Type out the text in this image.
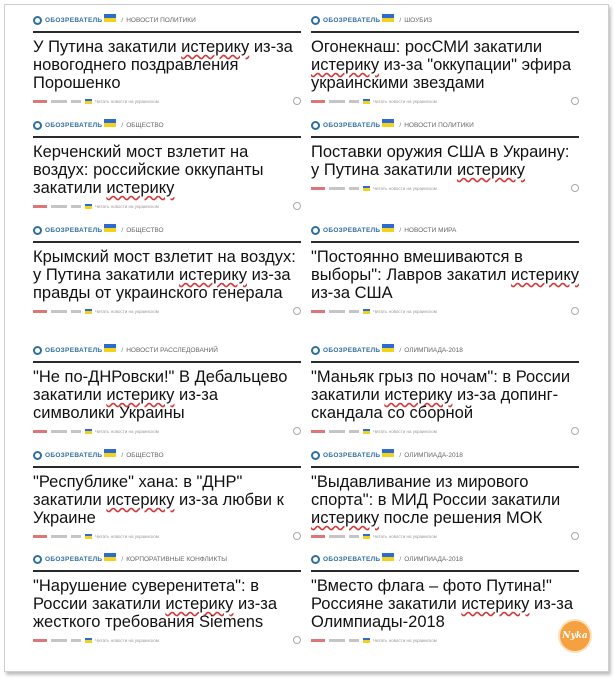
ОБОЗРЕВАТЕЛЬ	/ НОВОСТИ ПОЛИТИКИ
У Путина закатили истерику из-за новогоднего поздравления Порошенко
Читать новости на украинском
ОБОЗРЕВАТЕЛЬ	/ ШОУБИЗ
Огонекнаш: росСМИ закатили истерику из-за "оккупации" эфира украинскими звездами
Читать новости на украинском
ОБОЗРЕВАТЕЛЬ	/ ОБЩЕСТВО
Керченский мост взлетит на воздух: российские оккупанты закатили истерику
Читать новости на украинском
ОБОЗРЕВАТЕЛЬ	/ НОВОСТИ ПОЛИТИКИ
Поставки оружия США в Украину: у Путина закатили истерику
Читать новости на украинском
ОБОЗРЕВАТЕЛЬ	/ ОБЩЕСТВО
Крымский мост взлетит на воздух: у Путина закатили истерику из-за правды от украинского генерала
Читать новости на украинском
ОБОЗРЕВАТЕЛЬ	/ НОВОСТИ МИРА
"Постоянно вмешиваются в выборы": Лавров закатил истерику из-за США
Читать новости на украинском
ОБОЗРЕВАТЕЛЬ	/ НОВОСТИ РАССЛЕДОВАНИЙ
"Не по-ДНРовски!" В Дебальцево закатили истерику из-за символики Украины
Читать новости на украинском
ОБОЗРЕВАТЕЛЬ	/ ОЛИМПИАДА-2018
"Маньяк грыз по ночам": в России закатили истерику из-за допинг-скандала со сборной
Читать новости на украинском
ОБОЗРЕВАТЕЛЬ	/ ОБЩЕСТВО
"Республике" хана: в "ДНР" закатили истерику из-за любви к Украине
Читать новости на украинском
ОБОЗРЕВАТЕЛЬ	/ ОЛИМПИАДА-2018
"Выдавливание из мирового спорта": в МИД России закатили истерику после решения МОК
Читать новости на украинском
ОБОЗРЕВАТЕЛЬ	/ КОРПОРАТИВНЫЕ КОНФЛИКТЫ
"Нарушение суверенитета": в России закатили истерику из-за жесткого требования Siemens
Читать новости на украинском
ОБОЗРЕВАТЕЛЬ	/ ОЛИМПИАДА-2018
"Вместо флага – фото Путина!" Россияне закатили истерику из-за Олимпиады-2018
Читать новости на украинском	Nyka
